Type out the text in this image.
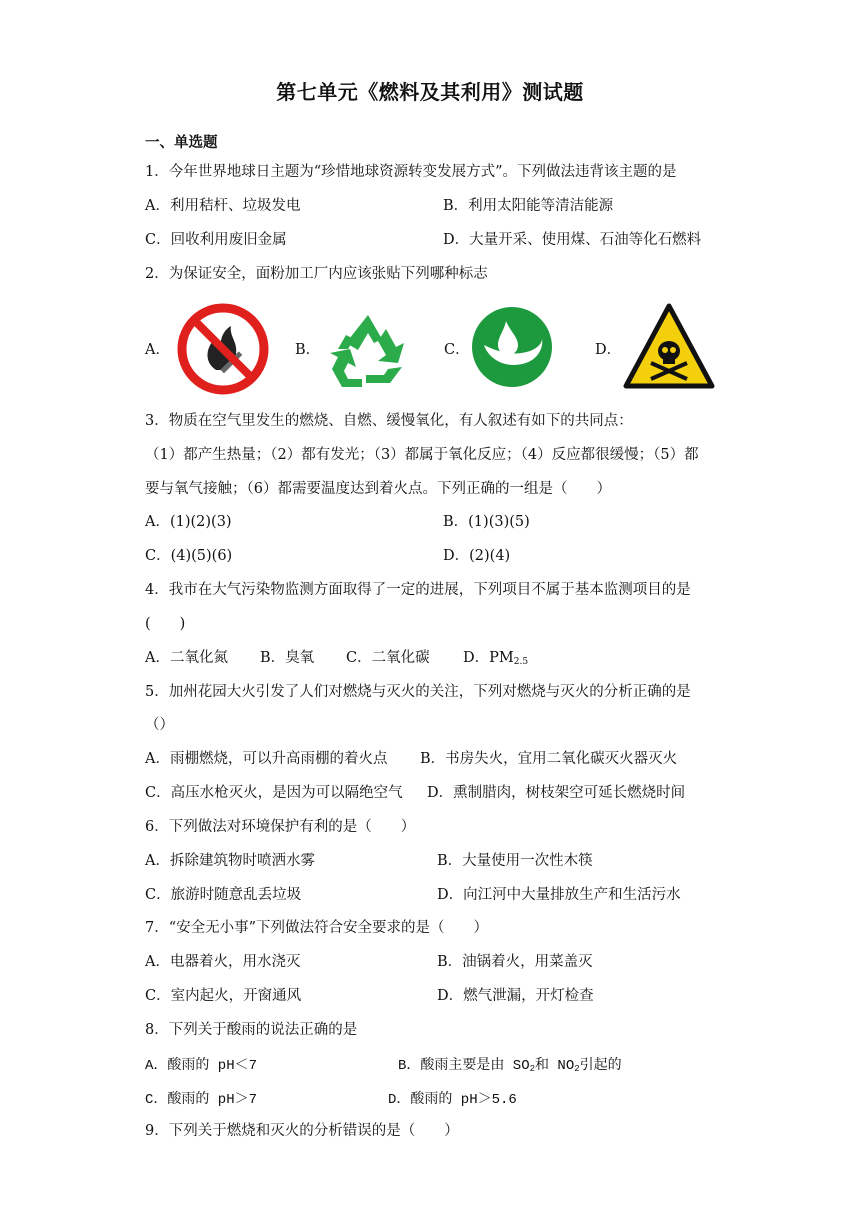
第七单元《燃料及其利用》测试题
一、单选题
1．今年世界地球日主题为“珍惜地球资源转变发展方式”。下列做法违背该主题的是
A．利用秸杆、垃圾发电	B．利用太阳能等清洁能源
C．回收利用废旧金属	D．大量开采、使用煤、石油等化石燃料
2．为保证安全，面粉加工厂内应该张贴下列哪种标志
A．	B．	C．	D．
3．物质在空气里发生的燃烧、自燃、缓慢氧化，有人叙述有如下的共同点：
（1）都产生热量；（2）都有发光；（3）都属于氧化反应；（4）反应都很缓慢；（5）都
要与氧气接触；（6）都需要温度达到着火点。下列正确的一组是（　　）
A．(1)(2)(3)	B．(1)(3)(5)
C．(4)(5)(6)	D．(2)(4)
4．我市在大气污染物监测方面取得了一定的进展，下列项目不属于基本监测项目的是
(　　)
A．二氧化氮 B．臭氧 C．二氧化碳 D．$PM_{2.5}$
5．加州花园大火引发了人们对燃烧与灭火的关注，下列对燃烧与灭火的分析正确的是
（）
A．雨棚燃烧，可以升高雨棚的着火点 B．书房失火，宜用二氧化碳灭火器灭火
C．高压水枪灭火，是因为可以隔绝空气 D．熏制腊肉，树枝架空可延长燃烧时间
6．下列做法对环境保护有利的是（　　）
A．拆除建筑物时喷洒水雾	B．大量使用一次性木筷
C．旅游时随意乱丢垃圾	D．向江河中大量排放生产和生活污水
7．“安全无小事”下列做法符合安全要求的是（　　）
A．电器着火，用水浇灭	B．油锅着火，用菜盖灭
C．室内起火，开窗通风	D．燃气泄漏，开灯检查
8．下列关于酸雨的说法正确的是
A．酸雨的 pH＜7	B．酸雨主要是由 $SO_2$和 $NO_2$引起的
C．酸雨的 pH＞7	D．酸雨的 pH＞5.6
9．下列关于燃烧和灭火的分析错误的是（　　）
